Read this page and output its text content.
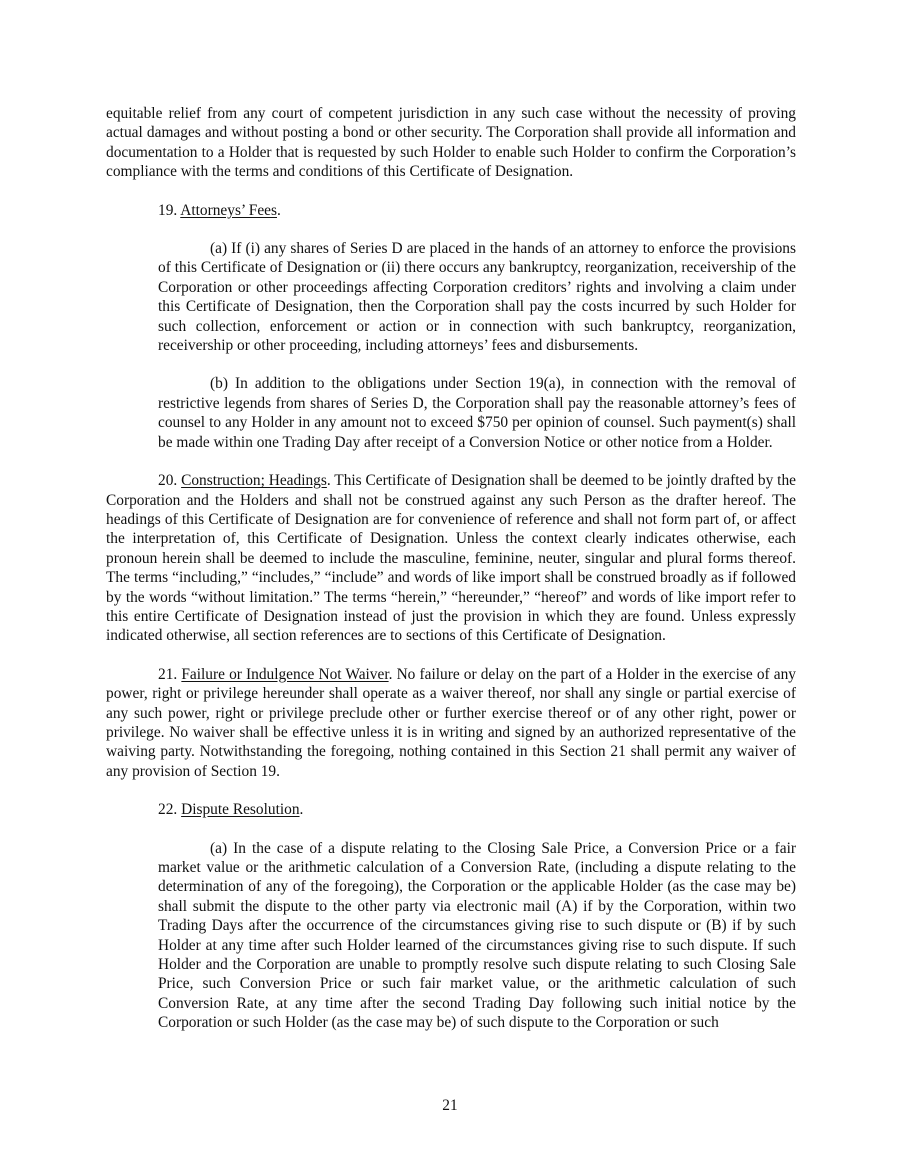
equitable relief from any court of competent jurisdiction in any such case without the necessity of proving actual damages and without posting a bond or other security. The Corporation shall provide all information and documentation to a Holder that is requested by such Holder to enable such Holder to confirm the Corporation’s compliance with the terms and conditions of this Certificate of Designation.

19. Attorneys’ Fees.

(a) If (i) any shares of Series D are placed in the hands of an attorney to enforce the provisions of this Certificate of Designation or (ii) there occurs any bankruptcy, reorganization, receivership of the Corporation or other proceedings affecting Corporation creditors’ rights and involving a claim under this Certificate of Designation, then the Corporation shall pay the costs incurred by such Holder for such collection, enforcement or action or in connection with such bankruptcy, reorganization, receivership or other proceeding, including attorneys’ fees and disbursements.

(b) In addition to the obligations under Section 19(a), in connection with the removal of restrictive legends from shares of Series D, the Corporation shall pay the reasonable attorney’s fees of counsel to any Holder in any amount not to exceed $750 per opinion of counsel. Such payment(s) shall be made within one Trading Day after receipt of a Conversion Notice or other notice from a Holder.

20. Construction; Headings. This Certificate of Designation shall be deemed to be jointly drafted by the Corporation and the Holders and shall not be construed against any such Person as the drafter hereof. The headings of this Certificate of Designation are for convenience of reference and shall not form part of, or affect the interpretation of, this Certificate of Designation. Unless the context clearly indicates otherwise, each pronoun herein shall be deemed to include the masculine, feminine, neuter, singular and plural forms thereof. The terms “including,” “includes,” “include” and words of like import shall be construed broadly as if followed by the words “without limitation.” The terms “herein,” “hereunder,” “hereof” and words of like import refer to this entire Certificate of Designation instead of just the provision in which they are found. Unless expressly indicated otherwise, all section references are to sections of this Certificate of Designation.

21. Failure or Indulgence Not Waiver. No failure or delay on the part of a Holder in the exercise of any power, right or privilege hereunder shall operate as a waiver thereof, nor shall any single or partial exercise of any such power, right or privilege preclude other or further exercise thereof or of any other right, power or privilege. No waiver shall be effective unless it is in writing and signed by an authorized representative of the waiving party. Notwithstanding the foregoing, nothing contained in this Section 21 shall permit any waiver of any provision of Section 19.

22. Dispute Resolution.

(a) In the case of a dispute relating to the Closing Sale Price, a Conversion Price or a fair market value or the arithmetic calculation of a Conversion Rate, (including a dispute relating to the determination of any of the foregoing), the Corporation or the applicable Holder (as the case may be) shall submit the dispute to the other party via electronic mail (A) if by the Corporation, within two Trading Days after the occurrence of the circumstances giving rise to such dispute or (B) if by such Holder at any time after such Holder learned of the circumstances giving rise to such dispute. If such Holder and the Corporation are unable to promptly resolve such dispute relating to such Closing Sale Price, such Conversion Price or such fair market value, or the arithmetic calculation of such Conversion Rate, at any time after the second Trading Day following such initial notice by the Corporation or such Holder (as the case may be) of such dispute to the Corporation or such

21
